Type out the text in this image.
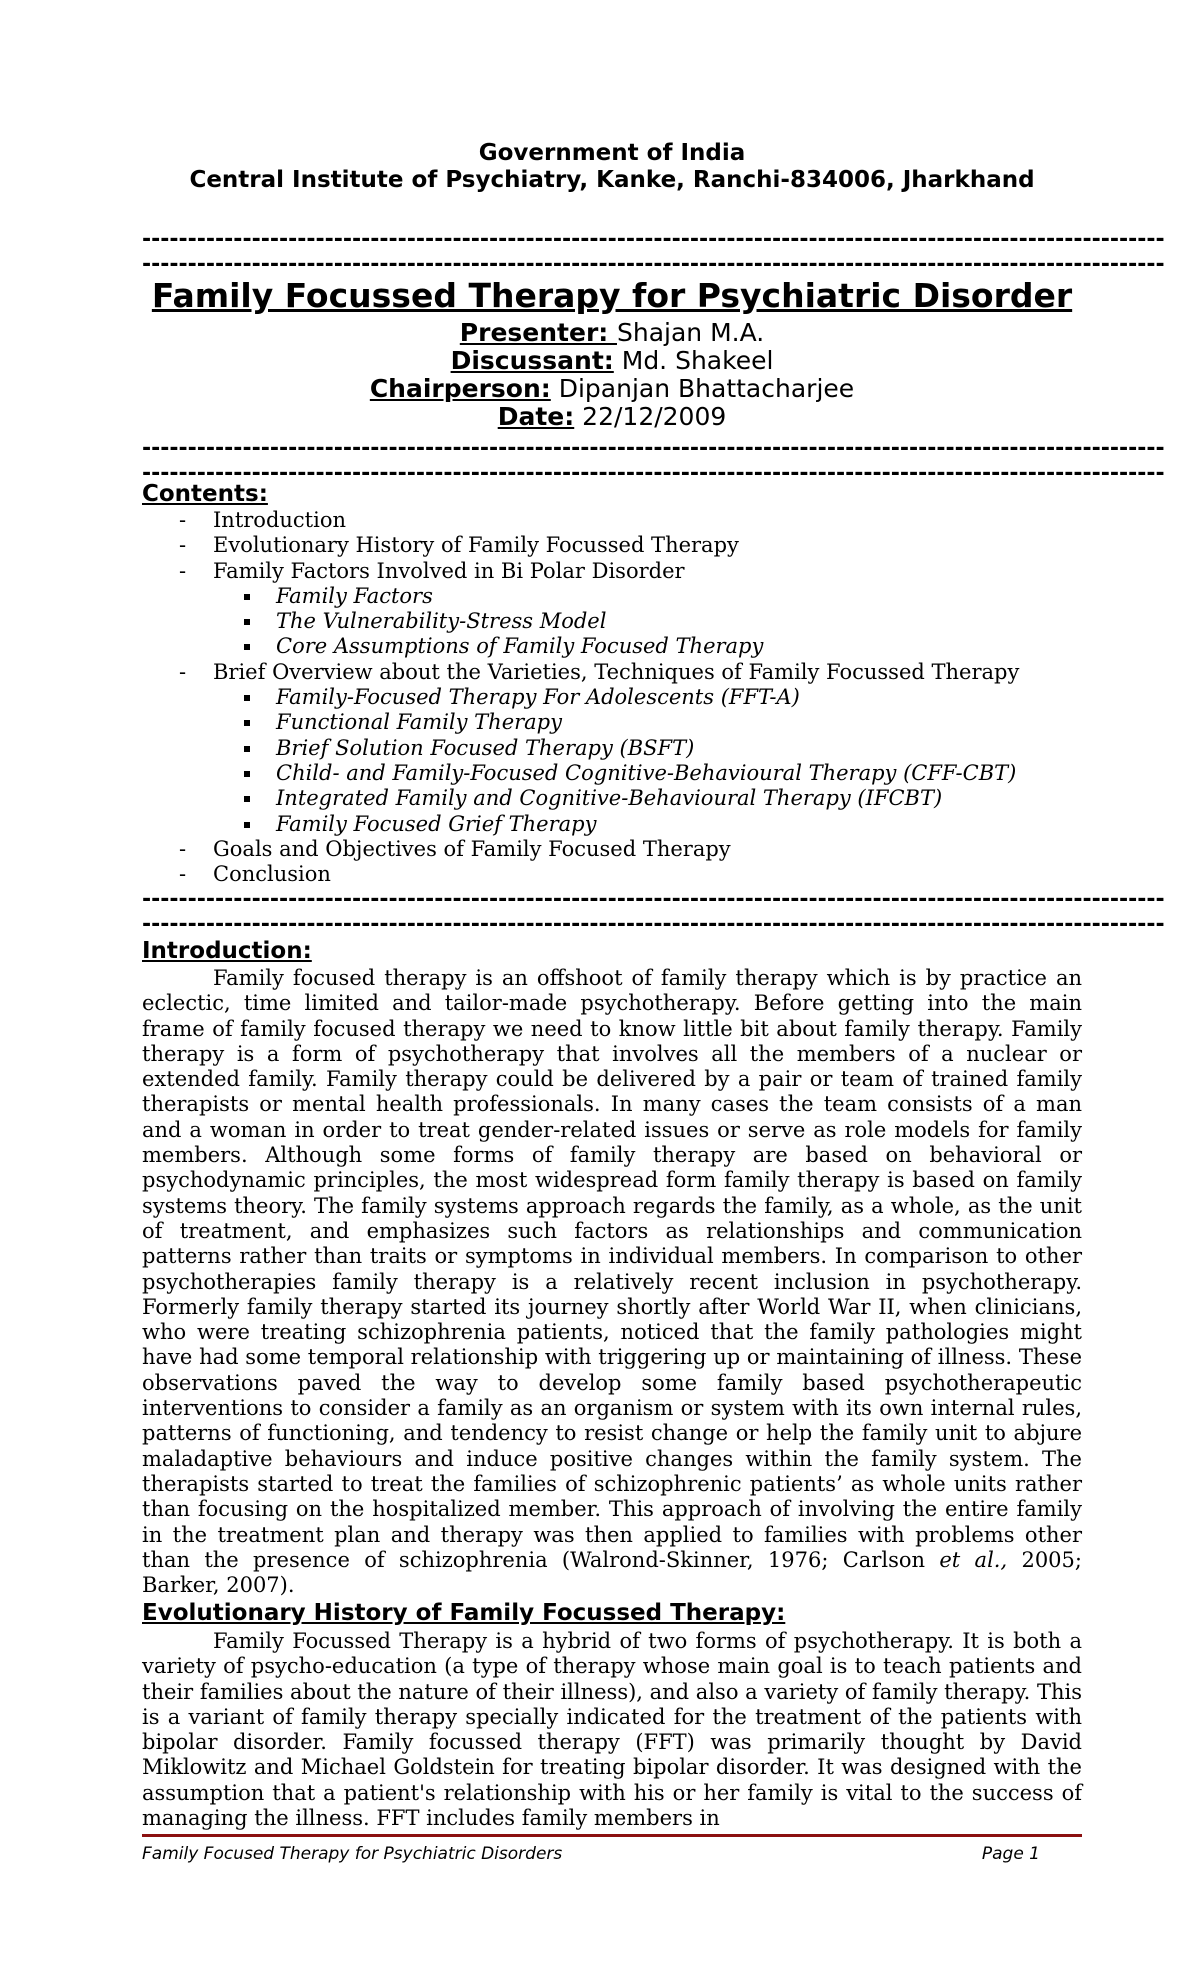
Government of India
Central Institute of Psychiatry, Kanke, Ranchi-834006, Jharkhand
----------------------------------------------------------------------------------------------------------------
----------------------------------------------------------------------------------------------------------------
Family Focussed Therapy for Psychiatric Disorder
Presenter: Shajan M.A.
Discussant: Md. Shakeel
Chairperson: Dipanjan Bhattacharjee
Date: 22/12/2009
----------------------------------------------------------------------------------------------------------------
----------------------------------------------------------------------------------------------------------------
Contents:
- Introduction
- Evolutionary History of Family Focussed Therapy
- Family Factors Involved in Bi Polar Disorder
Family Factors
The Vulnerability-Stress Model
Core Assumptions of Family Focused Therapy
- Brief Overview about the Varieties, Techniques of Family Focussed Therapy
Family-Focused Therapy For Adolescents (FFT-A)
Functional Family Therapy
Brief Solution Focused Therapy (BSFT)
Child- and Family-Focused Cognitive-Behavioural Therapy (CFF-CBT)
Integrated Family and Cognitive-Behavioural Therapy (IFCBT)
Family Focused Grief Therapy
- Goals and Objectives of Family Focused Therapy
- Conclusion
----------------------------------------------------------------------------------------------------------------
----------------------------------------------------------------------------------------------------------------
Introduction:
Family focused therapy is an offshoot of family therapy which is by practice an eclectic, time limited and tailor-made psychotherapy. Before getting into the main frame of family focused therapy we need to know little bit about family therapy. Family therapy is a form of psychotherapy that involves all the members of a nuclear or extended family. Family therapy could be delivered by a pair or team of trained family therapists or mental health professionals. In many cases the team consists of a man and a woman in order to treat gender-related issues or serve as role models for family members. Although some forms of family therapy are based on behavioral or psychodynamic principles, the most widespread form family therapy is based on family systems theory. The family systems approach regards the family, as a whole, as the unit of treatment, and emphasizes such factors as relationships and communication patterns rather than traits or symptoms in individual members. In comparison to other psychotherapies family therapy is a relatively recent inclusion in psychotherapy. Formerly family therapy started its journey shortly after World War II, when clinicians, who were treating schizophrenia patients, noticed that the family pathologies might have had some temporal relationship with triggering up or maintaining of illness. These observations paved the way to develop some family based psychotherapeutic interventions to consider a family as an organism or system with its own internal rules, patterns of functioning, and tendency to resist change or help the family unit to abjure maladaptive behaviours and induce positive changes within the family system. The therapists started to treat the families of schizophrenic patients’ as whole units rather than focusing on the hospitalized member. This approach of involving the entire family in the treatment plan and therapy was then applied to families with problems other than the presence of schizophrenia (Walrond-Skinner, 1976; Carlson et al., 2005; Barker, 2007).
Evolutionary History of Family Focussed Therapy:
Family Focussed Therapy is a hybrid of two forms of psychotherapy. It is both a variety of psycho-education (a type of therapy whose main goal is to teach patients and their families about the nature of their illness), and also a variety of family therapy. This is a variant of family therapy specially indicated for the treatment of the patients with bipolar disorder. Family focussed therapy (FFT) was primarily thought by David Miklowitz and Michael Goldstein for treating bipolar disorder. It was designed with the assumption that a patient's relationship with his or her family is vital to the success of managing the illness. FFT includes family members in
Family Focused Therapy for Psychiatric Disorders	Page 1
